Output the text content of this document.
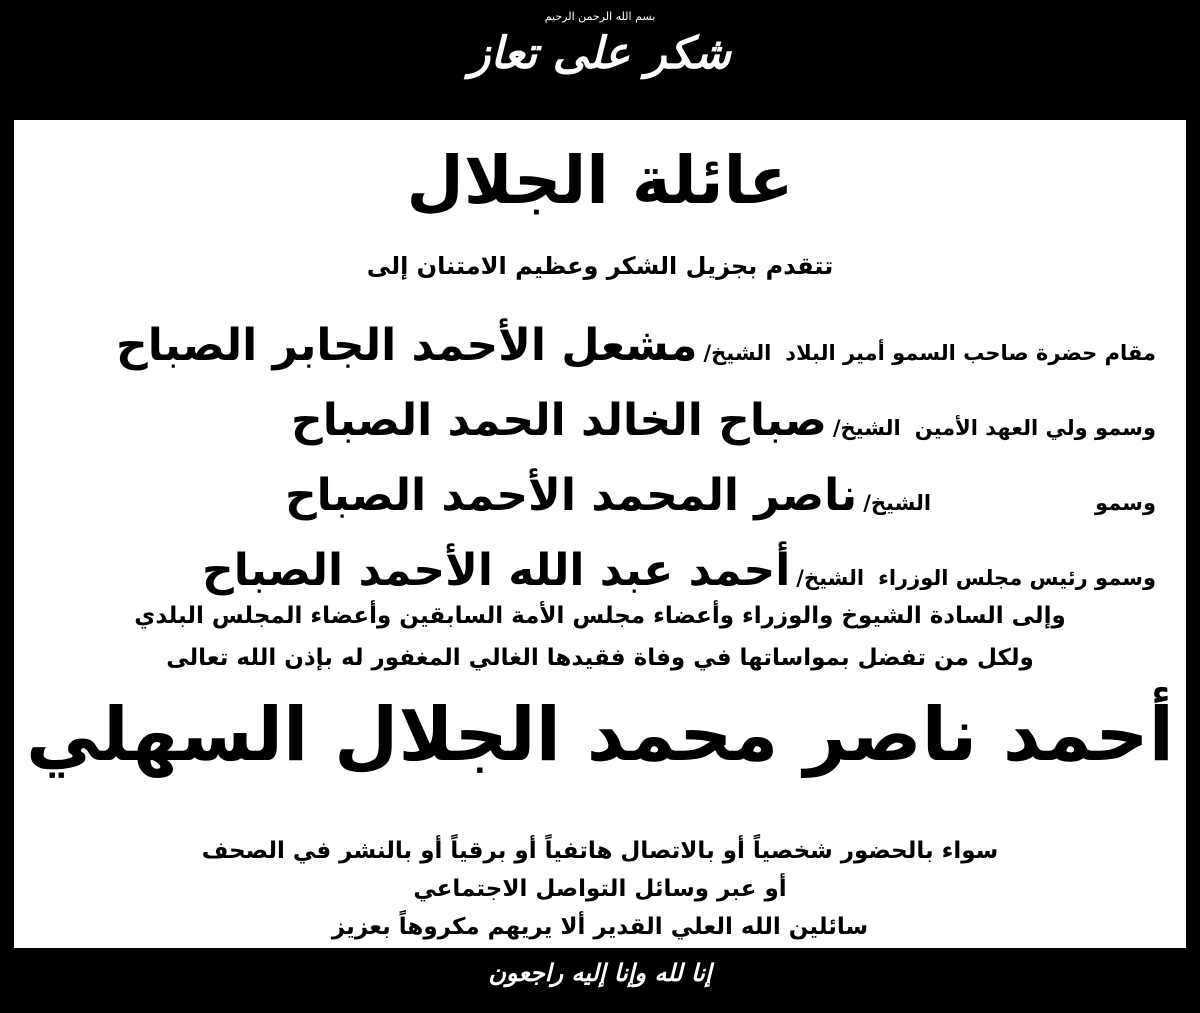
بسم الله الرحمن الرحيم
شكر على تعاز
عائلة الجلال
تتقدم بجزيل الشكر وعظيم الامتنان إلى
مقام حضرة صاحب السمو أمير البلاد
الشيخ/
مشعل الأحمد الجابر الصباح
وسمو ولي العهد الأمين
الشيخ/
صباح الخالد الحمد الصباح
وسمو
الشيخ/
ناصر المحمد الأحمد الصباح
وسمو رئيس مجلس الوزراء
الشيخ/
أحمد عبد الله الأحمد الصباح
وإلى السادة الشيوخ والوزراء وأعضاء مجلس الأمة السابقين وأعضاء المجلس البلدي
ولكل من تفضل بمواساتها في وفاة فقيدها الغالي المغفور له بإذن الله تعالى
أحمد ناصر محمد الجلال السهلي
سواء بالحضور شخصياً أو بالاتصال هاتفياً أو برقياً أو بالنشر في الصحف
أو عبر وسائل التواصل الاجتماعي
سائلين الله العلي القدير ألا يريهم مكروهاً بعزيز
إنا لله وإنا إليه راجعون
